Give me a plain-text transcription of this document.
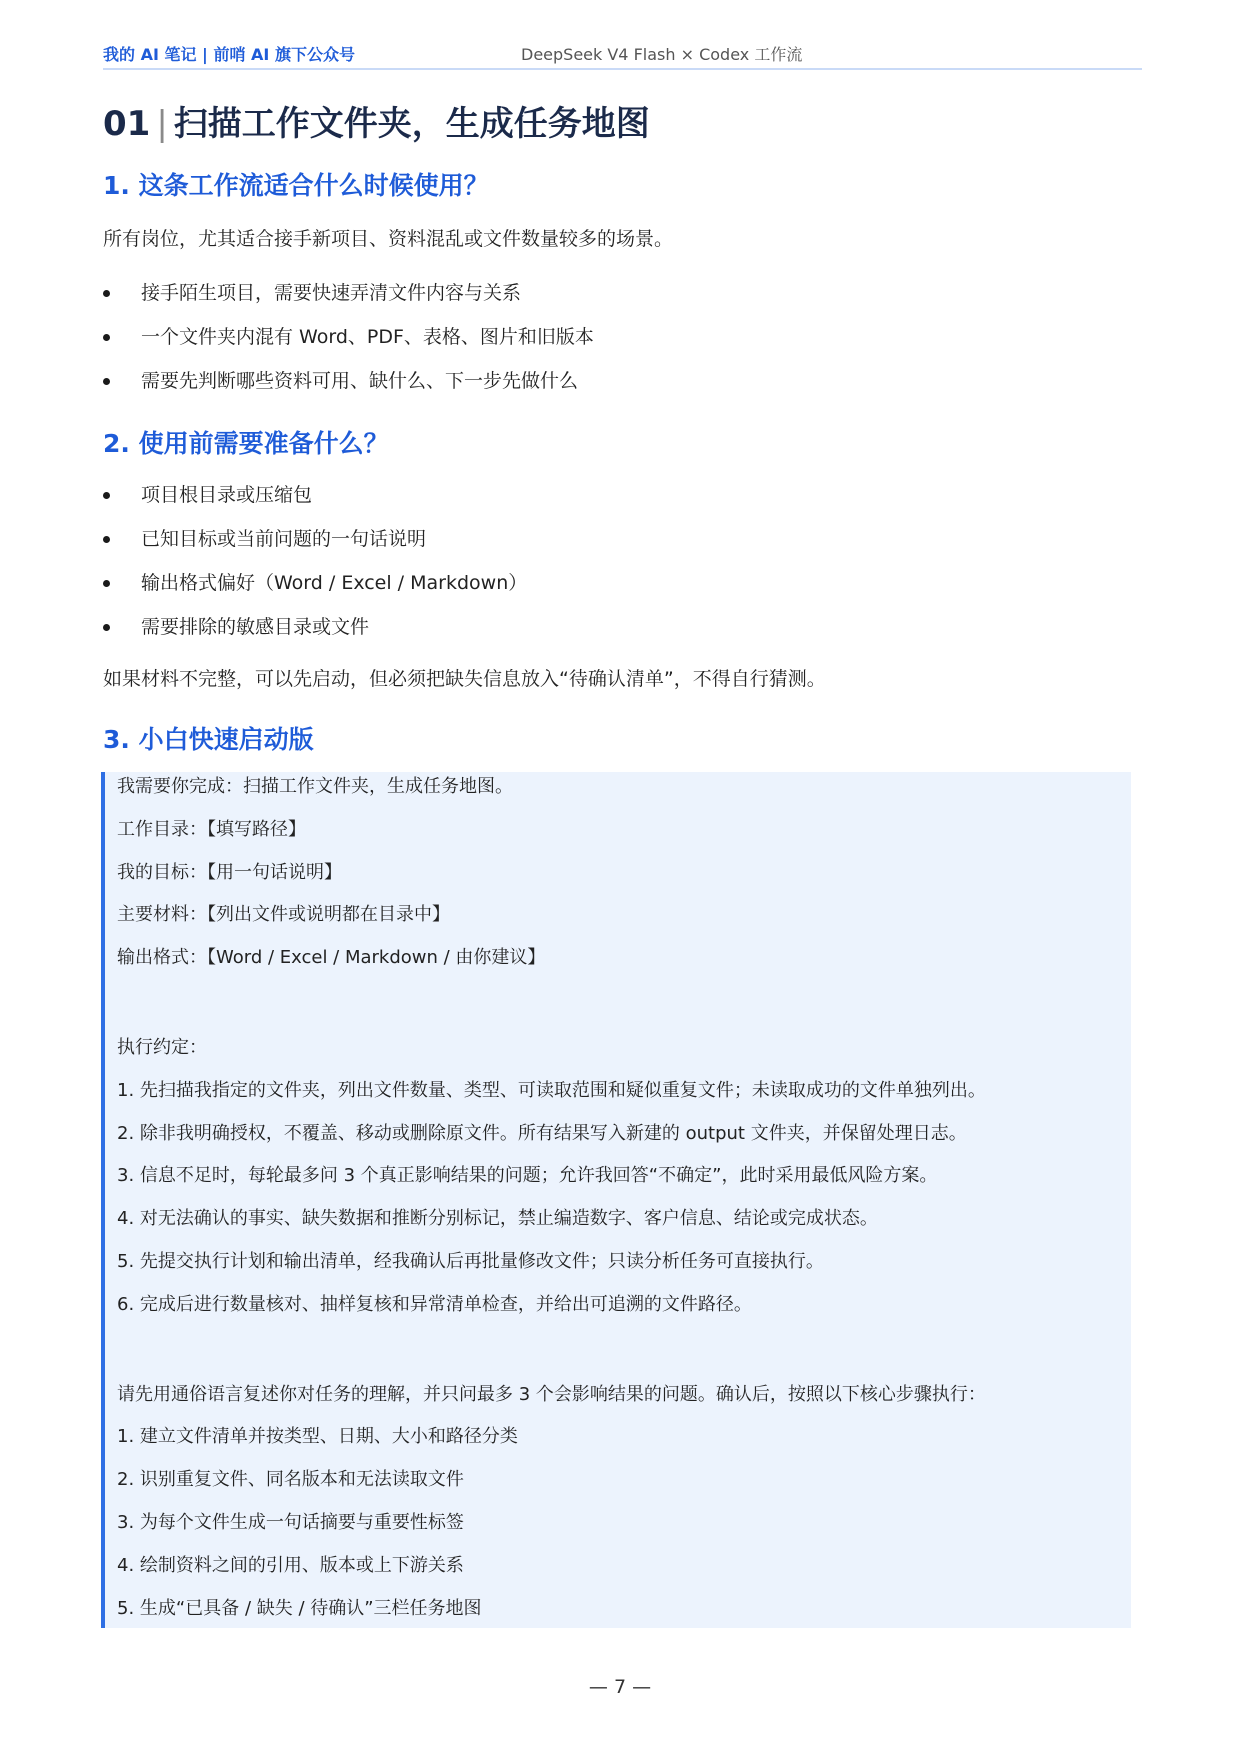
我的 AI 笔记 | 前哨 AI 旗下公众号	DeepSeek V4 Flash × Codex 工作流
01 | 扫描工作文件夹，生成任务地图
1. 这条工作流适合什么时候使用？

所有岗位，尤其适合接手新项目、资料混乱或文件数量较多的场景。

接手陌生项目，需要快速弄清文件内容与关系
一个文件夹内混有 Word、PDF、表格、图片和旧版本
需要先判断哪些资料可用、缺什么、下一步先做什么
2. 使用前需要准备什么？
项目根目录或压缩包
已知目标或当前问题的一句话说明
输出格式偏好（Word / Excel / Markdown）
需要排除的敏感目录或文件

如果材料不完整，可以先启动，但必须把缺失信息放入“待确认清单”，不得自行猜测。

3. 小白快速启动版
我需要你完成：扫描工作文件夹，生成任务地图。
工作目录：【填写路径】
我的目标：【用一句话说明】
主要材料：【列出文件或说明都在目录中】
输出格式：【Word / Excel / Markdown / 由你建议】
执行约定：
1. 先扫描我指定的文件夹，列出文件数量、类型、可读取范围和疑似重复文件；未读取成功的文件单独列出。
2. 除非我明确授权，不覆盖、移动或删除原文件。所有结果写入新建的 output 文件夹，并保留处理日志。
3. 信息不足时，每轮最多问 3 个真正影响结果的问题；允许我回答“不确定”，此时采用最低风险方案。
4. 对无法确认的事实、缺失数据和推断分别标记，禁止编造数字、客户信息、结论或完成状态。
5. 先提交执行计划和输出清单，经我确认后再批量修改文件；只读分析任务可直接执行。
6. 完成后进行数量核对、抽样复核和异常清单检查，并给出可追溯的文件路径。
请先用通俗语言复述你对任务的理解，并只问最多 3 个会影响结果的问题。确认后，按照以下核心步骤执行：
1. 建立文件清单并按类型、日期、大小和路径分类
2. 识别重复文件、同名版本和无法读取文件
3. 为每个文件生成一句话摘要与重要性标签
4. 绘制资料之间的引用、版本或上下游关系
5. 生成“已具备 / 缺失 / 待确认”三栏任务地图
— 7 —
